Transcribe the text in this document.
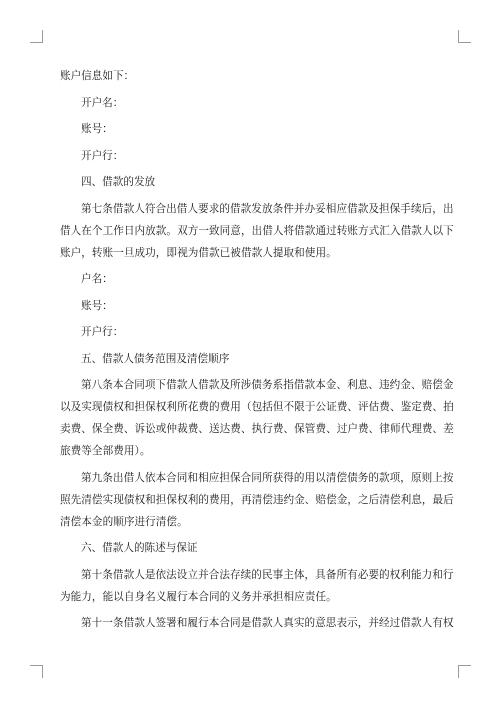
账户信息如下：

开户名：

账号：

开户行：

四、借款的发放

第七条借款人符合出借人要求的借款发放条件并办妥相应借款及担保手续后，出

借人在个工作日内放款。双方一致同意，出借人将借款通过转账方式汇入借款人以下

账户，转账一旦成功，即视为借款已被借款人提取和使用。

户名：

账号：

开户行：

五、借款人债务范围及清偿顺序

第八条本合同项下借款人借款及所涉债务系指借款本金、利息、违约金、赔偿金

以及实现债权和担保权利所花费的费用（包括但不限于公证费、评估费、鉴定费、拍

卖费、保全费、诉讼或仲裁费、送达费、执行费、保管费、过户费、律师代理费、差

旅费等全部费用）。

第九条出借人依本合同和相应担保合同所获得的用以清偿债务的款项，原则上按

照先清偿实现债权和担保权利的费用，再清偿违约金、赔偿金，之后清偿利息，最后

清偿本金的顺序进行清偿。

六、借款人的陈述与保证

第十条借款人是依法设立并合法存续的民事主体，具备所有必要的权利能力和行

为能力，能以自身名义履行本合同的义务并承担相应责任。

第十一条借款人签署和履行本合同是借款人真实的意思表示，并经过借款人有权
